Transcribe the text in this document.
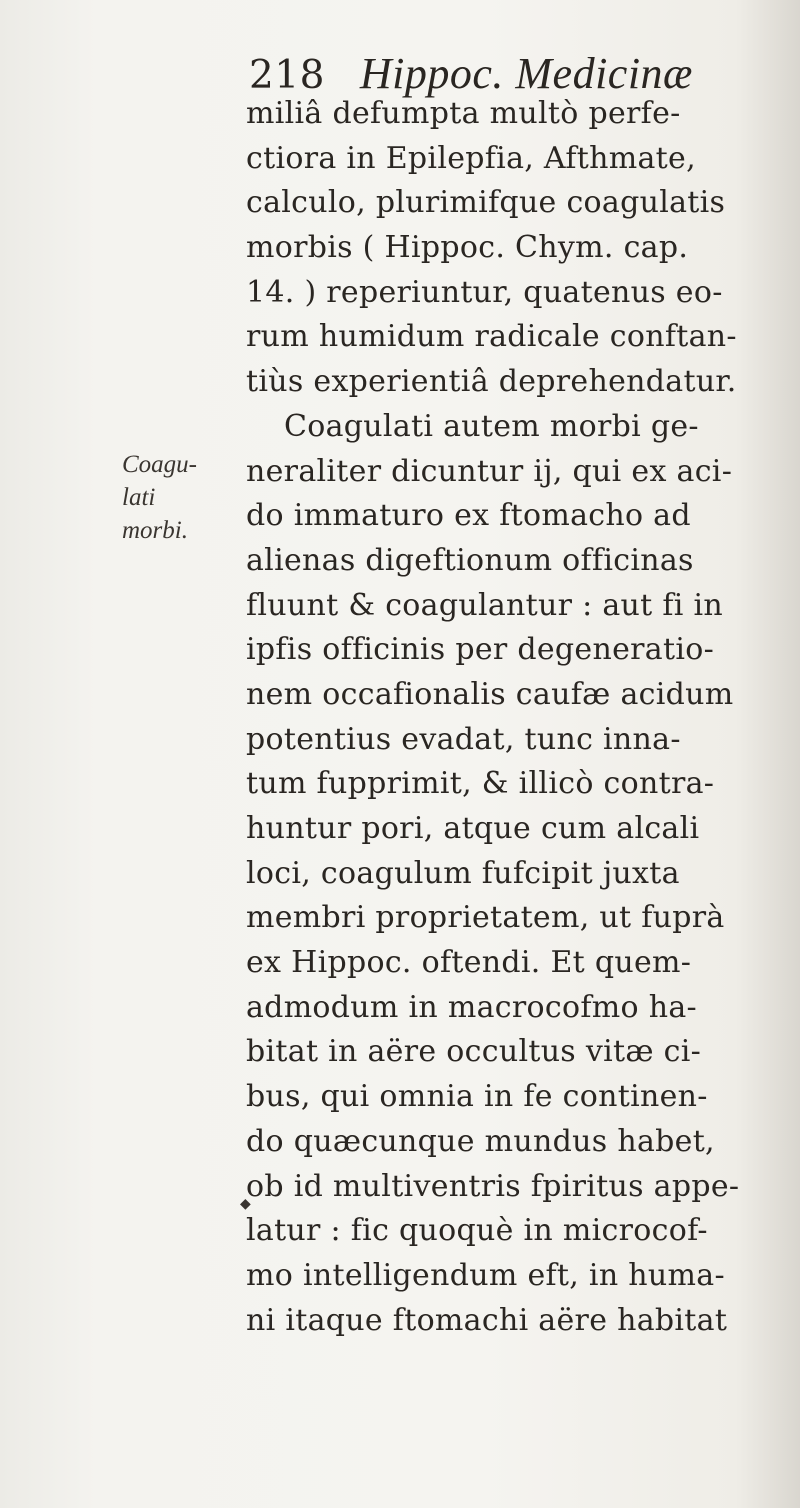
218 Hippoc. Medicinæ
Coagu-
lati
morbi.
◆
miliâ defumpta multò perfe-
ctiora in Epilepfia, Afthmate,
calculo, plurimifque coagulatis
morbis ( Hippoc. Chym. cap.
14. ) reperiuntur, quatenus eo-
rum humidum radicale conftan-
tiùs experientiâ deprehendatur.
Coagulati autem morbi ge-
neraliter dicuntur ij, qui ex aci-
do immaturo ex ftomacho ad
alienas digeftionum officinas
fluunt & coagulantur : aut fi in
ipfis officinis per degeneratio-
nem occafionalis caufæ acidum
potentius evadat, tunc inna-
tum fupprimit, & illicò contra-
huntur pori, atque cum alcali
loci, coagulum fufcipit juxta
membri proprietatem, ut fuprà
ex Hippoc. oftendi. Et quem-
admodum in macrocofmo ha-
bitat in aëre occultus vitæ ci-
bus, qui omnia in fe continen-
do quæcunque mundus habet,
ob id multiventris fpiritus appe-
latur : fic quoquè in microcof-
mo intelligendum eft, in huma-
ni itaque ftomachi aëre habitat
